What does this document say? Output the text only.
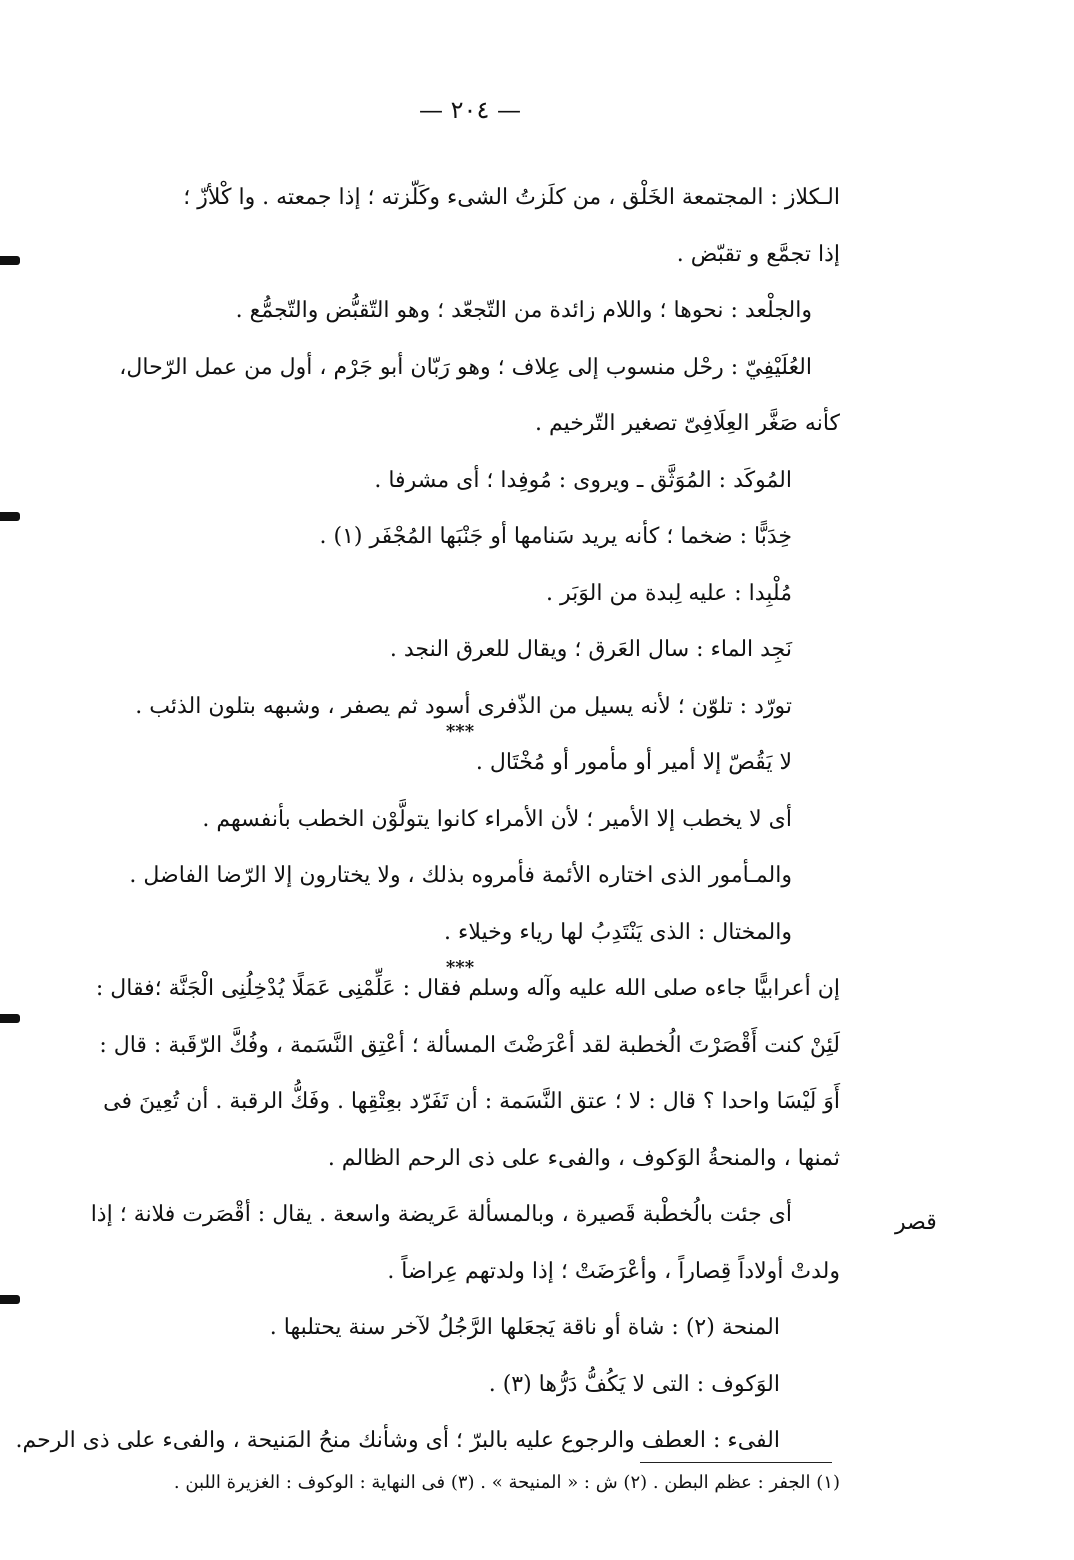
— ٢٠٤ —

الـكلاز : المجتمعة الخَلْق ، من كلَزتُ الشىء وكَلّزته ؛ إذا جمعته . وا كْلأزّ ؛

إذا تجمَّع و تقبّض .

والجلْعد : نحوها ؛ واللام زائدة من التّجعّد ؛ وهو التّقبُّض والتّجمُّع .

العُلَيْفِيّ : رحْل منسوب إلى عِلاف ؛ وهو رَبّان أبو جَرْم ، أول من عمل الرّحال،

كأنه صَغَّر العِلَافِىّ تصغير التّرخيم .

المُوكَد : المُوَثَّق ـ ويروى : مُوفِدا ؛ أى مشرفا .

خِدَبًّا : ضخما ؛ كأنه يريد سَنامها أو جَنْبَها المُجْفَر (١) .

مُلْبِدا : عليه لِبدة من الوَبَر .

نَجِد الماء : سال العَرق ؛ ويقال للعرق النجد .

تورّد : تلوّن ؛ لأنه يسيل من الذّفرى أسود ثم يصفر ، وشبهه بتلون الذئب .

لا يَقُصّ إلا أمير أو مأمور أو مُخْتَال .

أى لا يخطب إلا الأمير ؛ لأن الأمراء كانوا يتولَّوْن الخطب بأنفسهم .

والمـأمور الذى اختاره الأئمة فأمروه بذلك ، ولا يختارون إلا الرّضا الفاضل .

والمختال : الذى يَنْتَدِبُ لها رياء وخيلاء .

إن أعرابيًّا جاءه صلى الله عليه وآله وسلم فقال : عَلِّمْنِى عَمَلًا يُدْخِلُنِى الْجَنَّة ؛فقال :

لَئِنْ كنت أَقْصَرْتَ الُخطبة لقد أعْرَضْتَ المسألة ؛ أعْتِق النَّسَمة ، وفُكَّ الرّقَبة : قال :

أَوَ لَيْسَا واحدا ؟ قال : لا ؛ عتق النَّسَمة : أن تَفَرّد بعِتْقِها . وفَكُّ الرقبة . أن تُعِينَ فى

ثمنها ، والمنحةُ الوَكوف ، والفىء على ذى الرحم الظالم .

أى جئت بالُخطْبة قَصيرة ، وبالمسألة عَريضة واسعة . يقال : أقْصَرت فلانة ؛ إذا

ولدتْ أولاداً قِصاراً ، وأعْرَضَتْ ؛ إذا ولدتهم عِراضاً .

المنحة (٢) : شاة أو ناقة يَجعَلها الرَّجُلُ لآخر سنة يحتلبها .

الوَكوف : التى لا يَكُفُّ دَرُّها (٣) .

الفىء : العطف والرجوع عليه بالبرّ ؛ أى وشأنك منحُ المَنيحة ، والفىء على ذى الرحم.

***
***
قصر
(١) الجفر : عظم البطن . (٢) ش : « المنيحة » . (٣) فى النهاية : الوكوف : الغزيرة اللبن .
